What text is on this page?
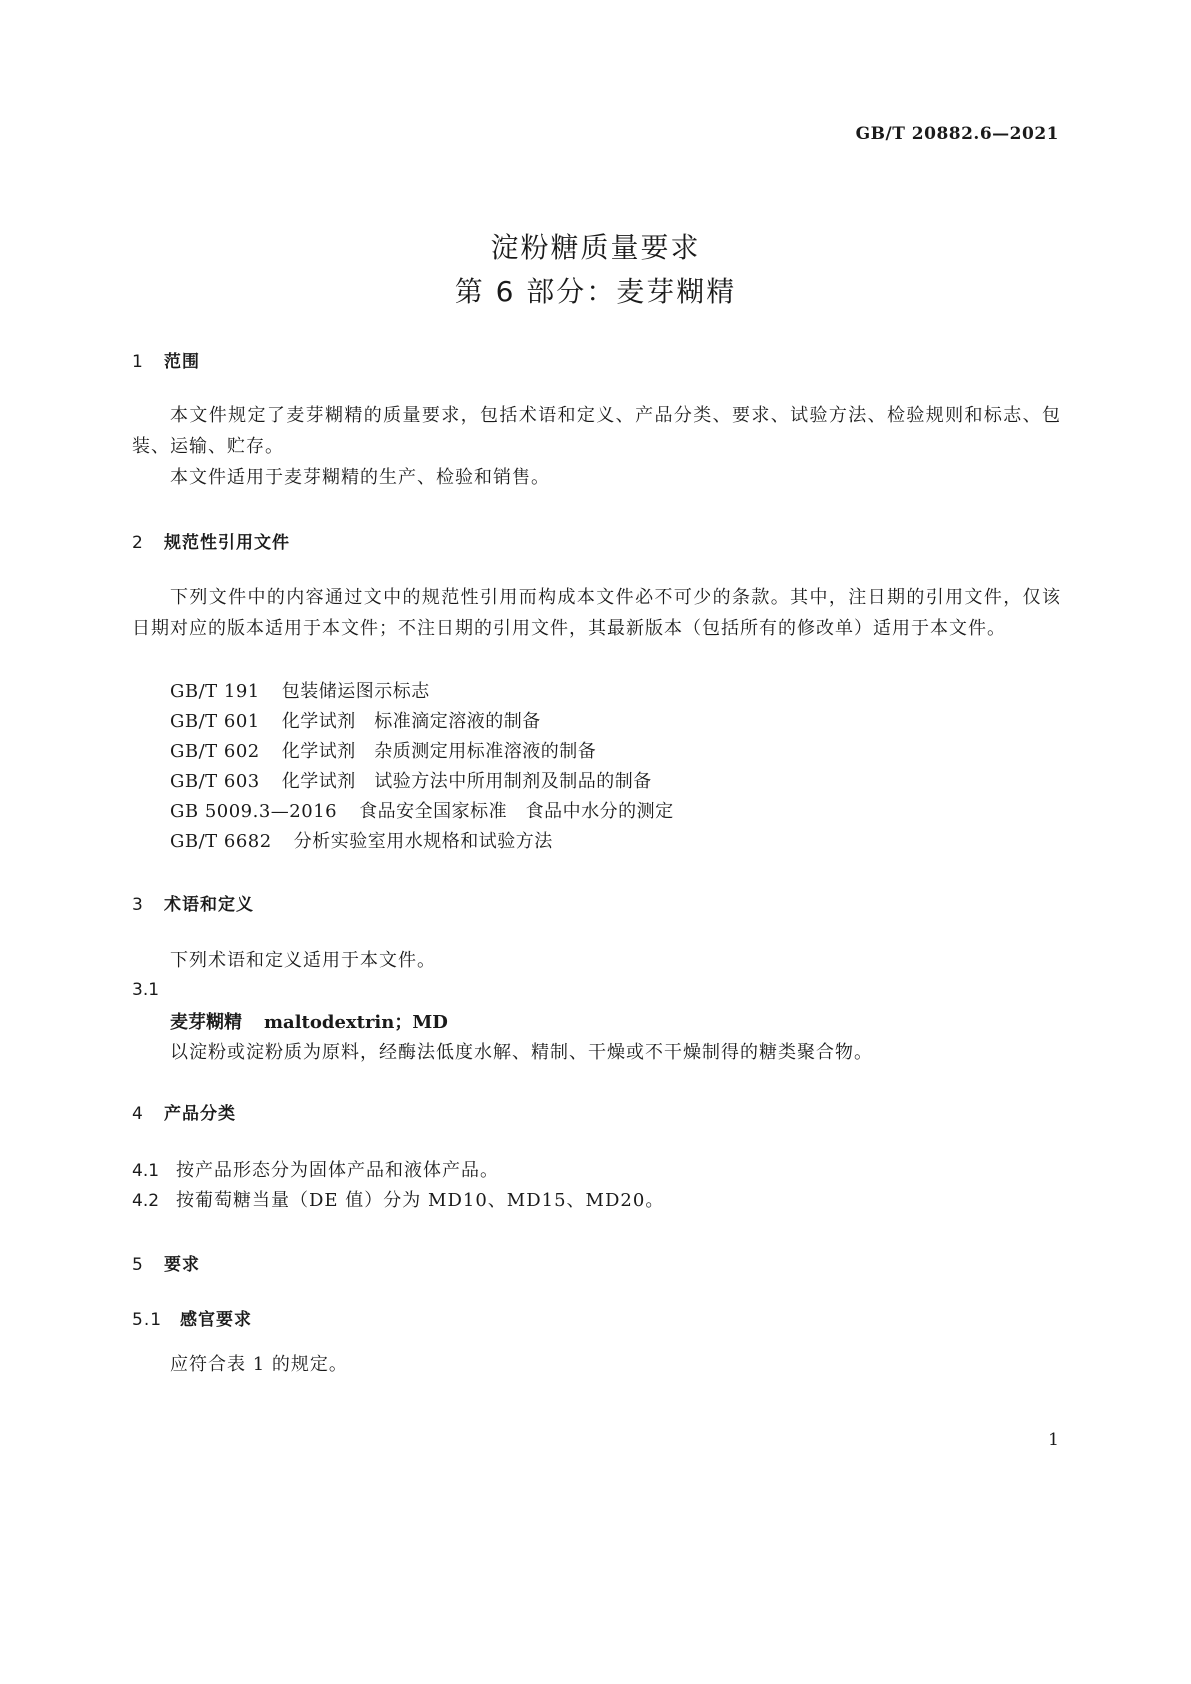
GB/T 20882.6—2021
淀粉糖质量要求
第 6 部分：麦芽糊精
1 范围
本文件规定了麦芽糊精的质量要求，包括术语和定义、产品分类、要求、试验方法、检验规则和标志、包装、运输、贮存。
本文件适用于麦芽糊精的生产、检验和销售。
2 规范性引用文件
下列文件中的内容通过文中的规范性引用而构成本文件必不可少的条款。其中，注日期的引用文件，仅该日期对应的版本适用于本文件；不注日期的引用文件，其最新版本（包括所有的修改单）适用于本文件。
GB/T 191 包装储运图示标志
GB/T 601 化学试剂　标准滴定溶液的制备
GB/T 602 化学试剂　杂质测定用标准溶液的制备
GB/T 603 化学试剂　试验方法中所用制剂及制品的制备
GB 5009.3—2016 食品安全国家标准　食品中水分的测定
GB/T 6682 分析实验室用水规格和试验方法
3 术语和定义
下列术语和定义适用于本文件。
3.1
麦芽糊精 maltodextrin；MD
以淀粉或淀粉质为原料，经酶法低度水解、精制、干燥或不干燥制得的糖类聚合物。
4 产品分类
4.1 按产品形态分为固体产品和液体产品。
4.2 按葡萄糖当量（DE 值）分为 MD10、MD15、MD20。
5 要求
5.1 感官要求
应符合表 1 的规定。
1
